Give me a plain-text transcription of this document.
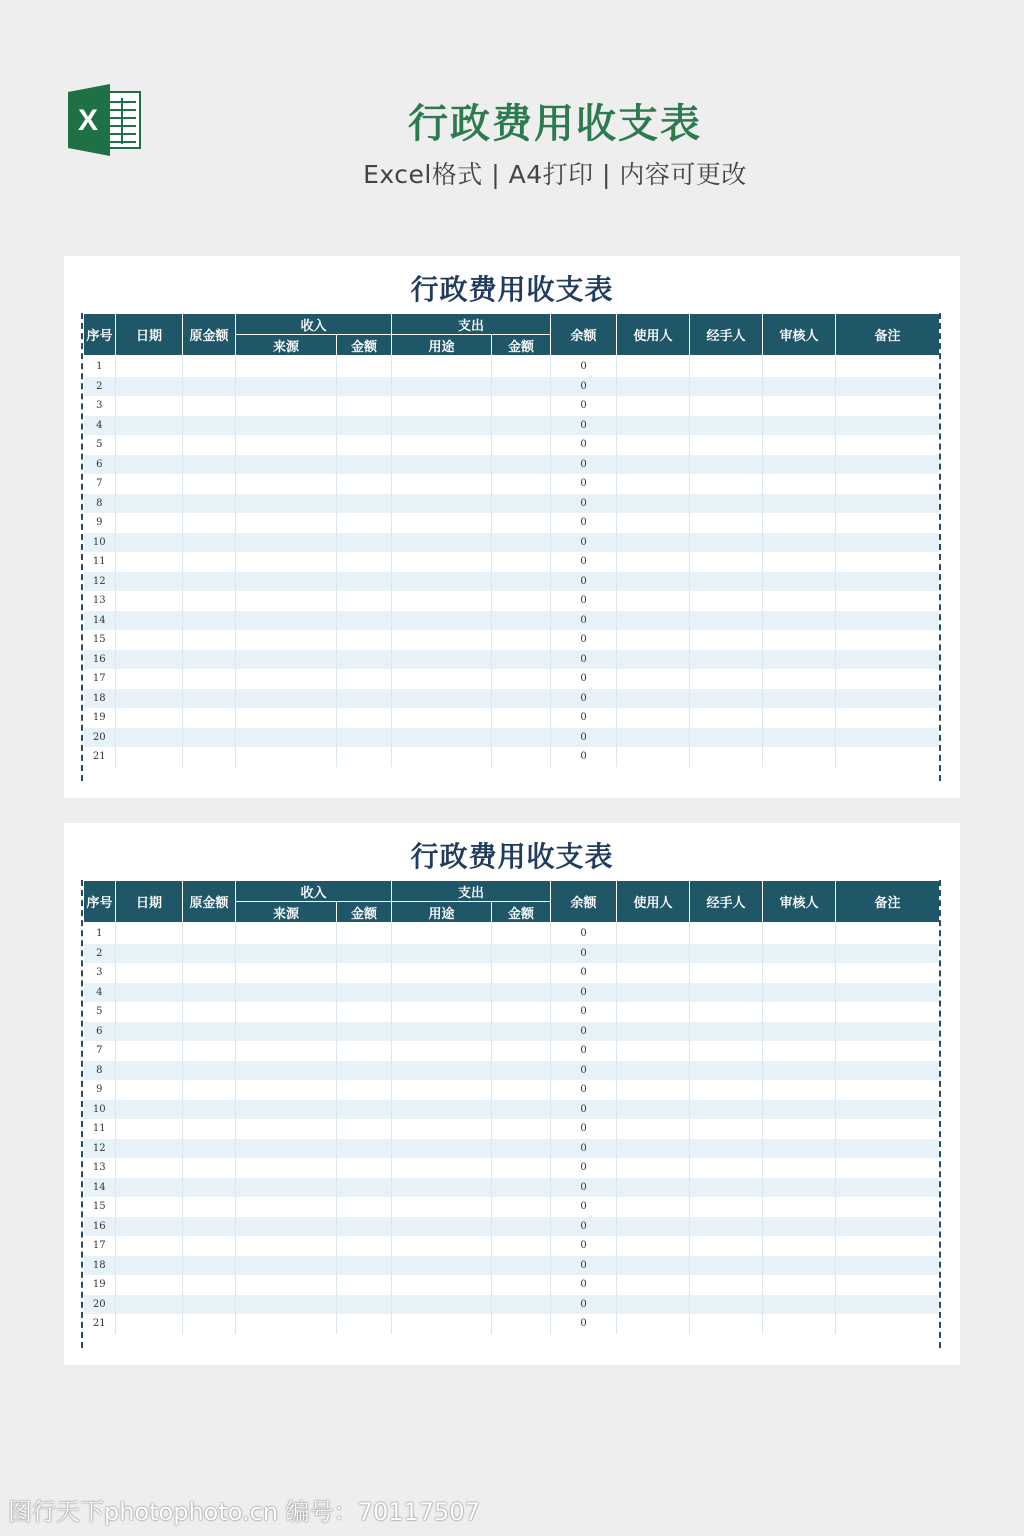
X	行政费用收支表
Excel格式 | A4打印 | 内容可更改
行政费用收支表
序号	日期	原金额	收入		支出		余额	使用人	经手人	审核人	备注
			来源	金额	用途	金额					
1							0				
2							0				
3							0				
4							0				
5							0				
6							0				
7							0				
8							0				
9							0				
10							0				
11							0				
12							0				
13							0				
14							0				
15							0				
16							0				
17							0				
18							0				
19							0				
20							0				
21							0				
行政费用收支表
序号	日期	原金额	收入		支出		余额	使用人	经手人	审核人	备注
			来源	金额	用途	金额					
1							0				
2							0				
3							0				
4							0				
5							0				
6							0				
7							0				
8							0				
9							0				
10							0				
11							0				
12							0				
13							0				
14							0				
15							0				
16							0				
17							0				
18							0				
19							0				
20							0				
21							0				
图行天下photophoto.cn 编号：70117507
